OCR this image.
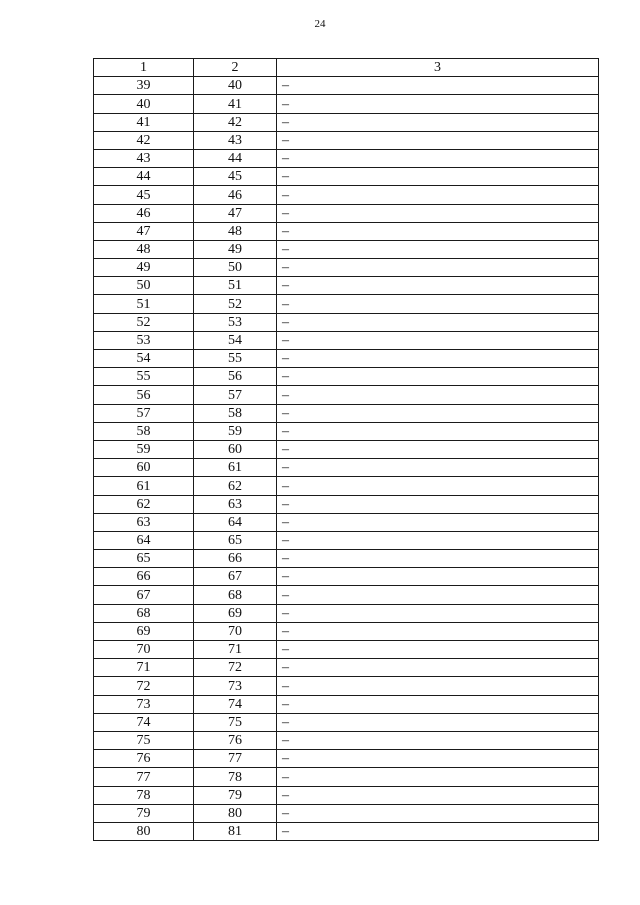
24
1	2	3
39	40	–
40	41	–
41	42	–
42	43	–
43	44	–
44	45	–
45	46	–
46	47	–
47	48	–
48	49	–
49	50	–
50	51	–
51	52	–
52	53	–
53	54	–
54	55	–
55	56	–
56	57	–
57	58	–
58	59	–
59	60	–
60	61	–
61	62	–
62	63	–
63	64	–
64	65	–
65	66	–
66	67	–
67	68	–
68	69	–
69	70	–
70	71	–
71	72	–
72	73	–
73	74	–
74	75	–
75	76	–
76	77	–
77	78	–
78	79	–
79	80	–
80	81	–
